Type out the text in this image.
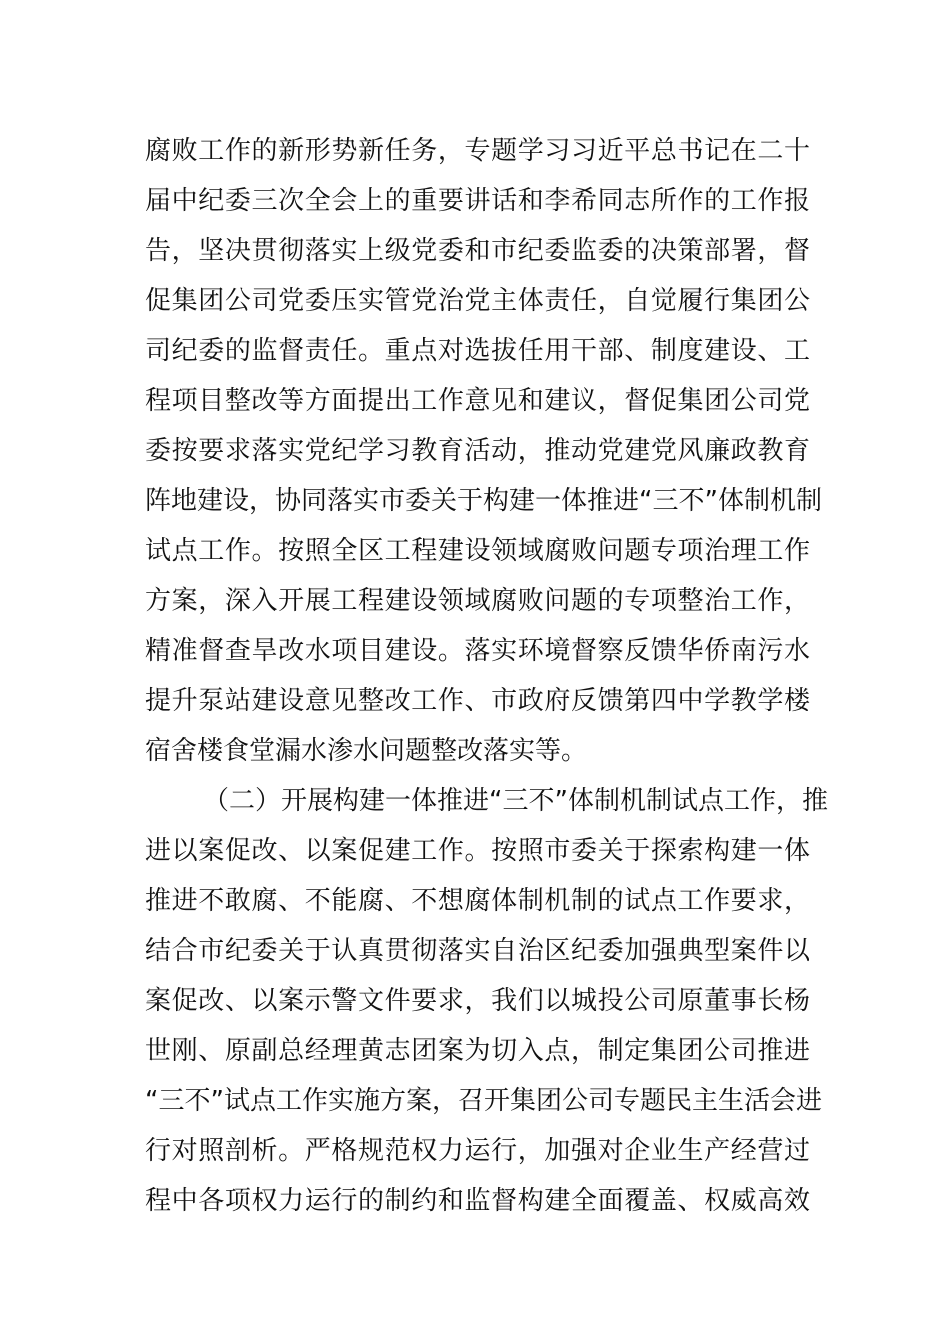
腐败工作的新形势新任务，专题学习习近平总书记在二十
届中纪委三次全会上的重要讲话和李希同志所作的工作报
告，坚决贯彻落实上级党委和市纪委监委的决策部署，督
促集团公司党委压实管党治党主体责任，自觉履行集团公
司纪委的监督责任。重点对选拔任用干部、制度建设、工
程项目整改等方面提出工作意见和建议，督促集团公司党
委按要求落实党纪学习教育活动，推动党建党风廉政教育
阵地建设，协同落实市委关于构建一体推进“三不”体制机制
试点工作。按照全区工程建设领域腐败问题专项治理工作
方案，深入开展工程建设领域腐败问题的专项整治工作，
精准督查旱改水项目建设。落实环境督察反馈华侨南污水
提升泵站建设意见整改工作、市政府反馈第四中学教学楼
宿舍楼食堂漏水渗水问题整改落实等。
（二）开展构建一体推进“三不”体制机制试点工作，推
进以案促改、以案促建工作。按照市委关于探索构建一体
推进不敢腐、不能腐、不想腐体制机制的试点工作要求，
结合市纪委关于认真贯彻落实自治区纪委加强典型案件以
案促改、以案示警文件要求，我们以城投公司原董事长杨
世刚、原副总经理黄志团案为切入点，制定集团公司推进
“三不”试点工作实施方案，召开集团公司专题民主生活会进
行对照剖析。严格规范权力运行，加强对企业生产经营过
程中各项权力运行的制约和监督构建全面覆盖、权威高效
